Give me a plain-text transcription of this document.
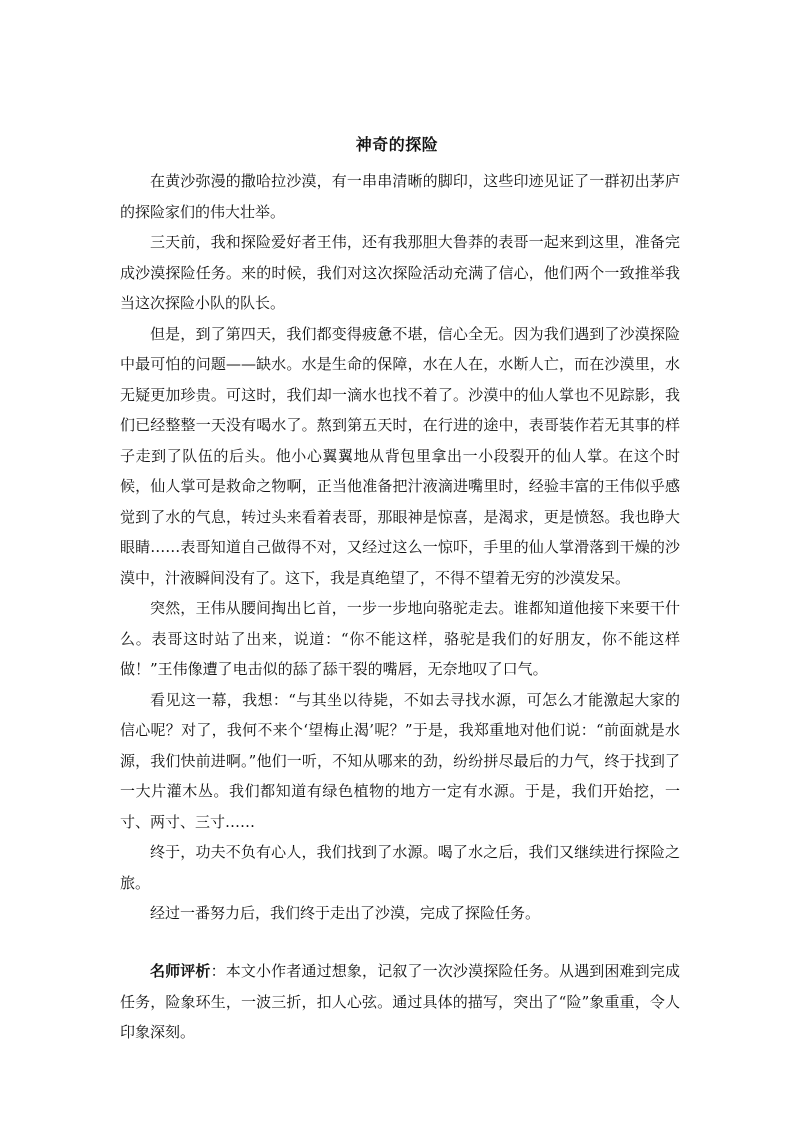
神奇的探险

在黄沙弥漫的撒哈拉沙漠，有一串串清晰的脚印，这些印迹见证了一群初出茅庐的探险家们的伟大壮举。

三天前，我和探险爱好者王伟，还有我那胆大鲁莽的表哥一起来到这里，准备完成沙漠探险任务。来的时候，我们对这次探险活动充满了信心，他们两个一致推举我当这次探险小队的队长。

但是，到了第四天，我们都变得疲惫不堪，信心全无。因为我们遇到了沙漠探险中最可怕的问题——缺水。水是生命的保障，水在人在，水断人亡，而在沙漠里，水无疑更加珍贵。可这时，我们却一滴水也找不着了。沙漠中的仙人掌也不见踪影，我们已经整整一天没有喝水了。熬到第五天时，在行进的途中，表哥装作若无其事的样子走到了队伍的后头。他小心翼翼地从背包里拿出一小段裂开的仙人掌。在这个时候，仙人掌可是救命之物啊，正当他准备把汁液滴进嘴里时，经验丰富的王伟似乎感觉到了水的气息，转过头来看着表哥，那眼神是惊喜，是渴求，更是愤怒。我也睁大眼睛……表哥知道自己做得不对，又经过这么一惊吓，手里的仙人掌滑落到干燥的沙漠中，汁液瞬间没有了。这下，我是真绝望了，不得不望着无穷的沙漠发呆。

突然，王伟从腰间掏出匕首，一步一步地向骆驼走去。谁都知道他接下来要干什么。表哥这时站了出来，说道：“你不能这样，骆驼是我们的好朋友，你不能这样做！”王伟像遭了电击似的舔了舔干裂的嘴唇，无奈地叹了口气。

看见这一幕，我想：“与其坐以待毙，不如去寻找水源，可怎么才能激起大家的信心呢？对了，我何不来个‘望梅止渴’呢？”于是，我郑重地对他们说：“前面就是水源，我们快前进啊。”他们一听，不知从哪来的劲，纷纷拼尽最后的力气，终于找到了一大片灌木丛。我们都知道有绿色植物的地方一定有水源。于是，我们开始挖，一寸、两寸、三寸……

终于，功夫不负有心人，我们找到了水源。喝了水之后，我们又继续进行探险之旅。

经过一番努力后，我们终于走出了沙漠，完成了探险任务。

名师评析：本文小作者通过想象，记叙了一次沙漠探险任务。从遇到困难到完成任务，险象环生，一波三折，扣人心弦。通过具体的描写，突出了“险”象重重，令人印象深刻。
